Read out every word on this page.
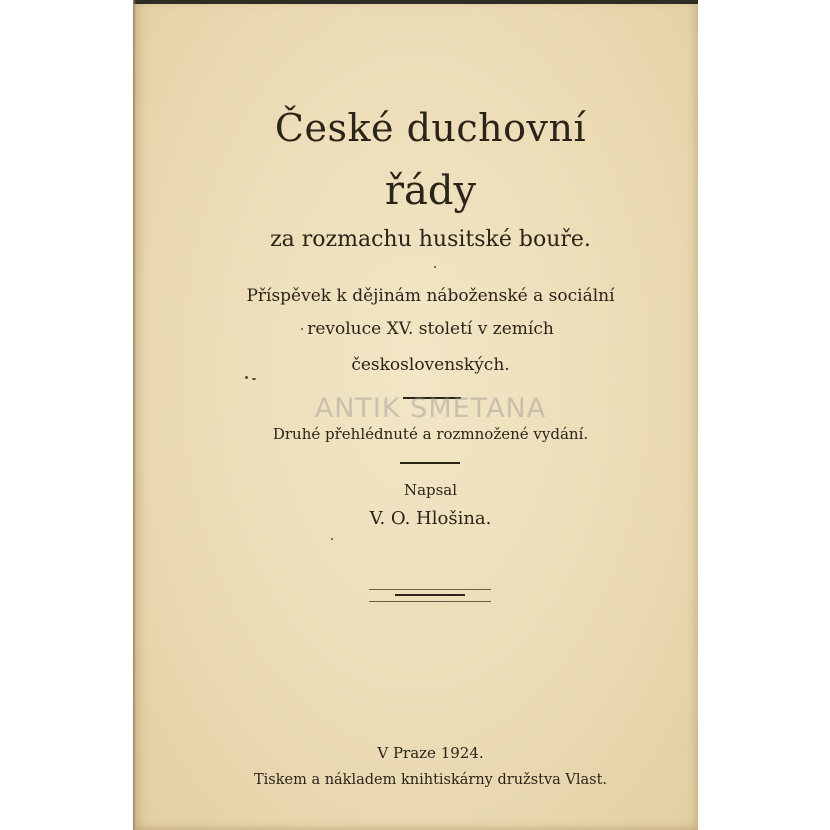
České duchovní
řády
za rozmachu husitské bouře.
Příspěvek k dějinám náboženské a sociální
revoluce XV. století v zemích
československých.
ANTIK SMETANA
Druhé přehlédnuté a rozmnožené vydání.
Napsal
V. O. Hlošina.
V Praze 1924.
Tiskem a nákladem knihtiskárny družstva Vlast.
